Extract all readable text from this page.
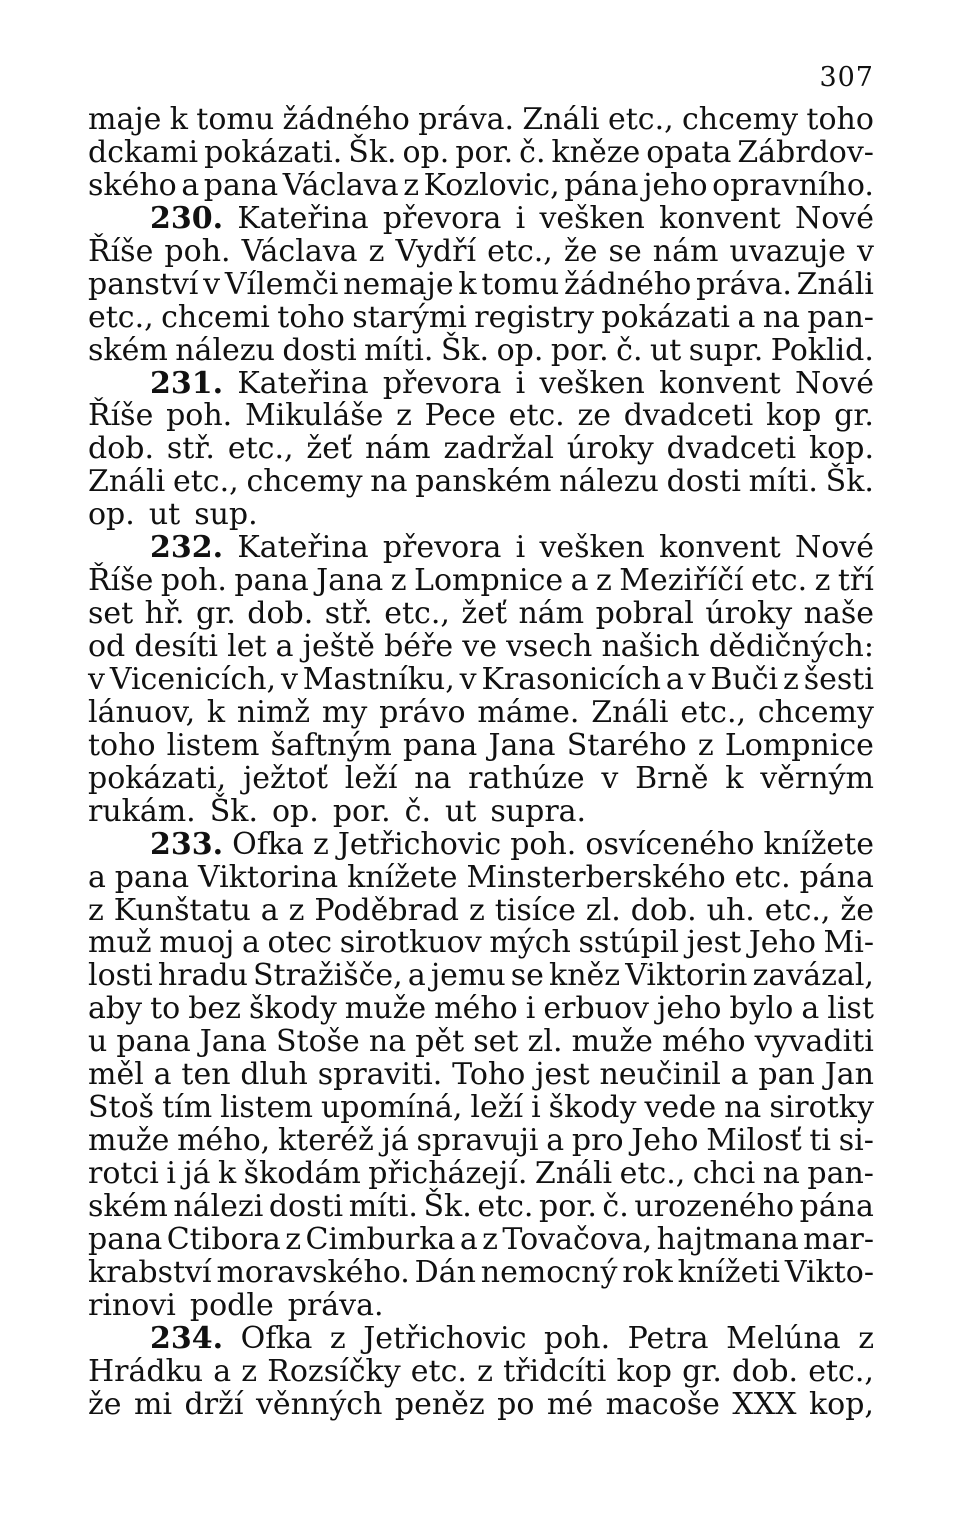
307
maje k tomu žádného práva. Ználi etc., chcemy toho
dckami pokázati. Šk. op. por. č. kněze opata Zábrdov-
ského a pana Václava z Kozlovic, pána jeho opravního.
230. Kateřina převora i vešken konvent Nové
Říše poh. Václava z Vydří etc., že se nám uvazuje v
panství v Vílemči nemaje k tomu žádného práva. Ználi
etc., chcemi toho starými registry pokázati a na pan-
ském nálezu dosti míti. Šk. op. por. č. ut supr. Poklid.
231. Kateřina převora i vešken konvent Nové
Říše poh. Mikuláše z Pece etc. ze dvadceti kop gr.
dob. stř. etc., žeť nám zadržal úroky dvadceti kop.
Ználi etc., chcemy na panském nálezu dosti míti. Šk.
op. ut sup.
232. Kateřina převora i vešken konvent Nové
Říše poh. pana Jana z Lompnice a z Meziříčí etc. z tří
set hř. gr. dob. stř. etc., žeť nám pobral úroky naše
od desíti let a ještě béře ve vsech našich dědičných:
v Vicenicích, v Mastníku, v Krasonicích a v Buči z šesti
lánuov, k nimž my právo máme. Ználi etc., chcemy
toho listem šaftným pana Jana Starého z Lompnice
pokázati, ježtoť leží na rathúze v Brně k věrným
rukám. Šk. op. por. č. ut supra.
233. Ofka z Jetřichovic poh. osvíceného knížete
a pana Viktorina knížete Minsterberského etc. pána
z Kunštatu a z Poděbrad z tisíce zl. dob. uh. etc., že
muž muoj a otec sirotkuov mých sstúpil jest Jeho Mi-
losti hradu Stražišče, a jemu se kněz Viktorin zavázal,
aby to bez škody muže mého i erbuov jeho bylo a list
u pana Jana Stoše na pět set zl. muže mého vyvaditi
měl a ten dluh spraviti. Toho jest neučinil a pan Jan
Stoš tím listem upomíná, leží i škody vede na sirotky
muže mého, kteréž já spravuji a pro Jeho Milosť ti si-
rotci i já k škodám přicházejí. Ználi etc., chci na pan-
ském nálezi dosti míti. Šk. etc. por. č. urozeného pána
pana Ctibora z Cimburka a z Tovačova, hajtmana mar-
krabství moravského. Dán nemocný rok knížeti Vikto-
rinovi podle práva.
234. Ofka z Jetřichovic poh. Petra Melúna z
Hrádku a z Rozsíčky etc. z třidcíti kop gr. dob. etc.,
že mi drží věnných peněz po mé macoše XXX kop,
